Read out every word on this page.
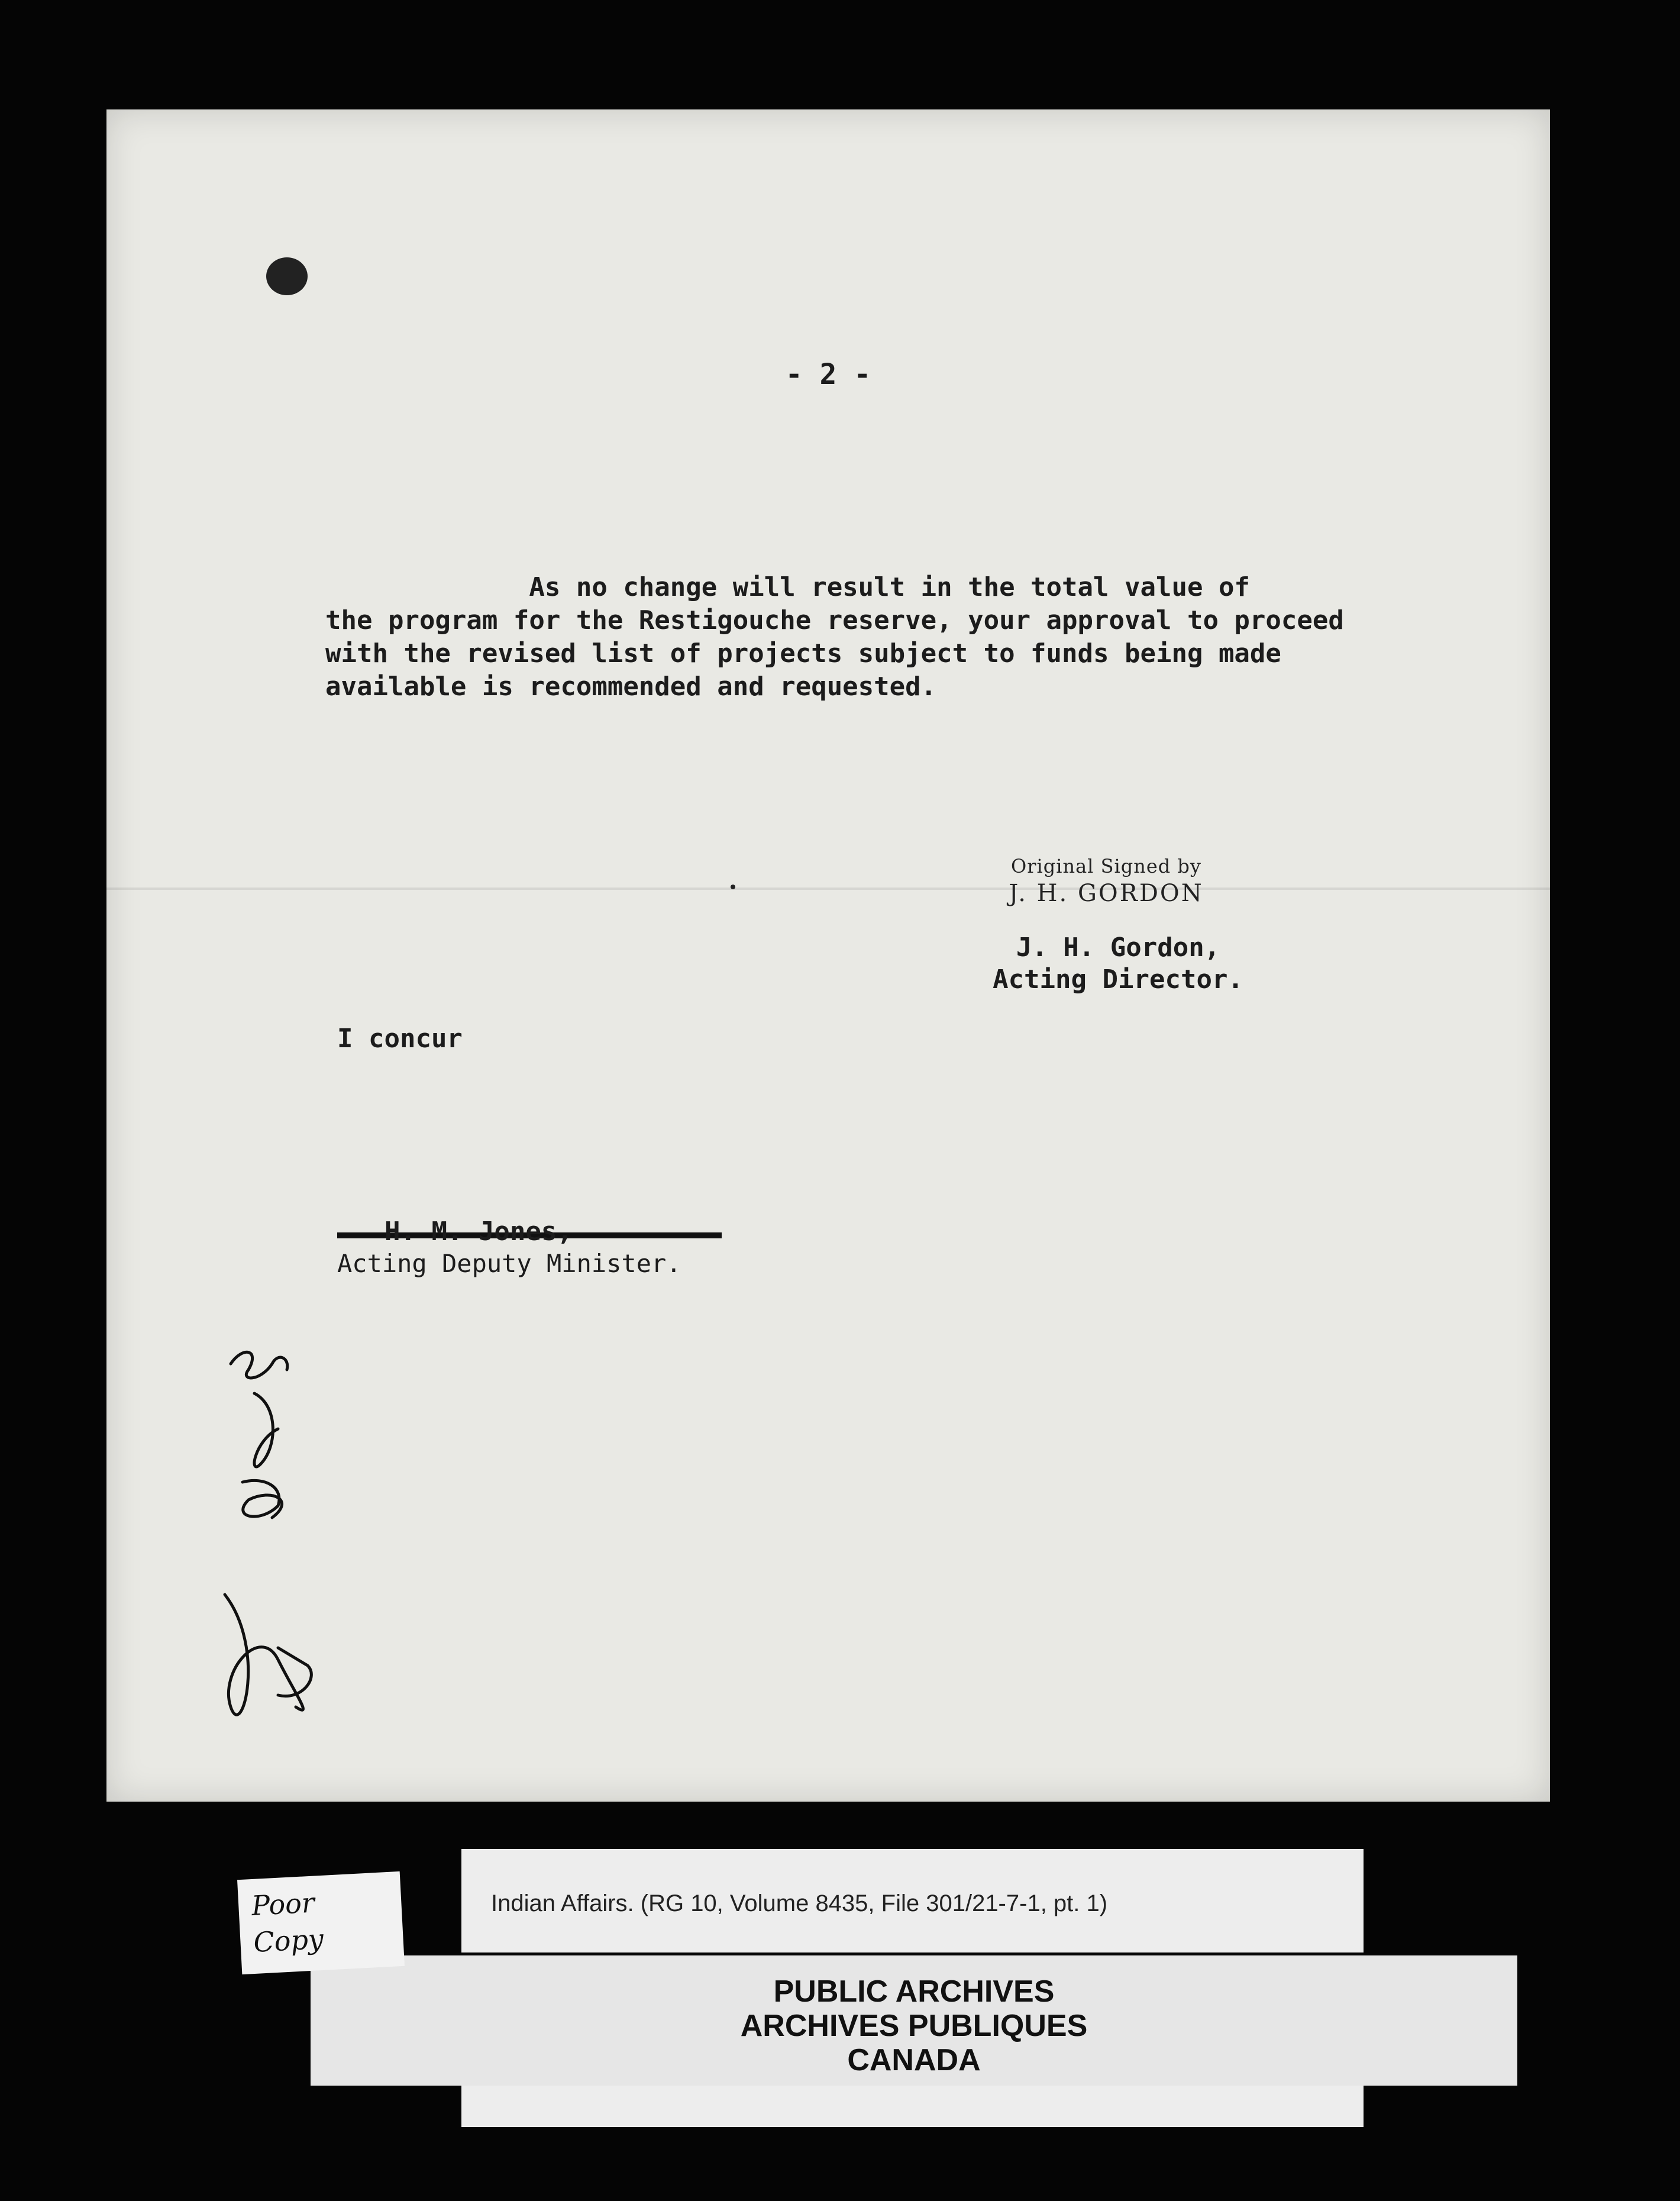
- 2 -
As no change will result in the total value of
the program for the Restigouche reserve, your approval to proceed
with the revised list of projects subject to funds being made
available is recommended and requested.
Original Signed by
J. H. GORDON
J. H. Gordon,
Acting Director.
I concur
H. M. Jones,
Acting Deputy Minister.
Indian Affairs. (RG 10, Volume 8435, File 301/21-7-1, pt. 1)
PUBLIC ARCHIVES
ARCHIVES PUBLIQUES
CANADA
Poor
Copy
